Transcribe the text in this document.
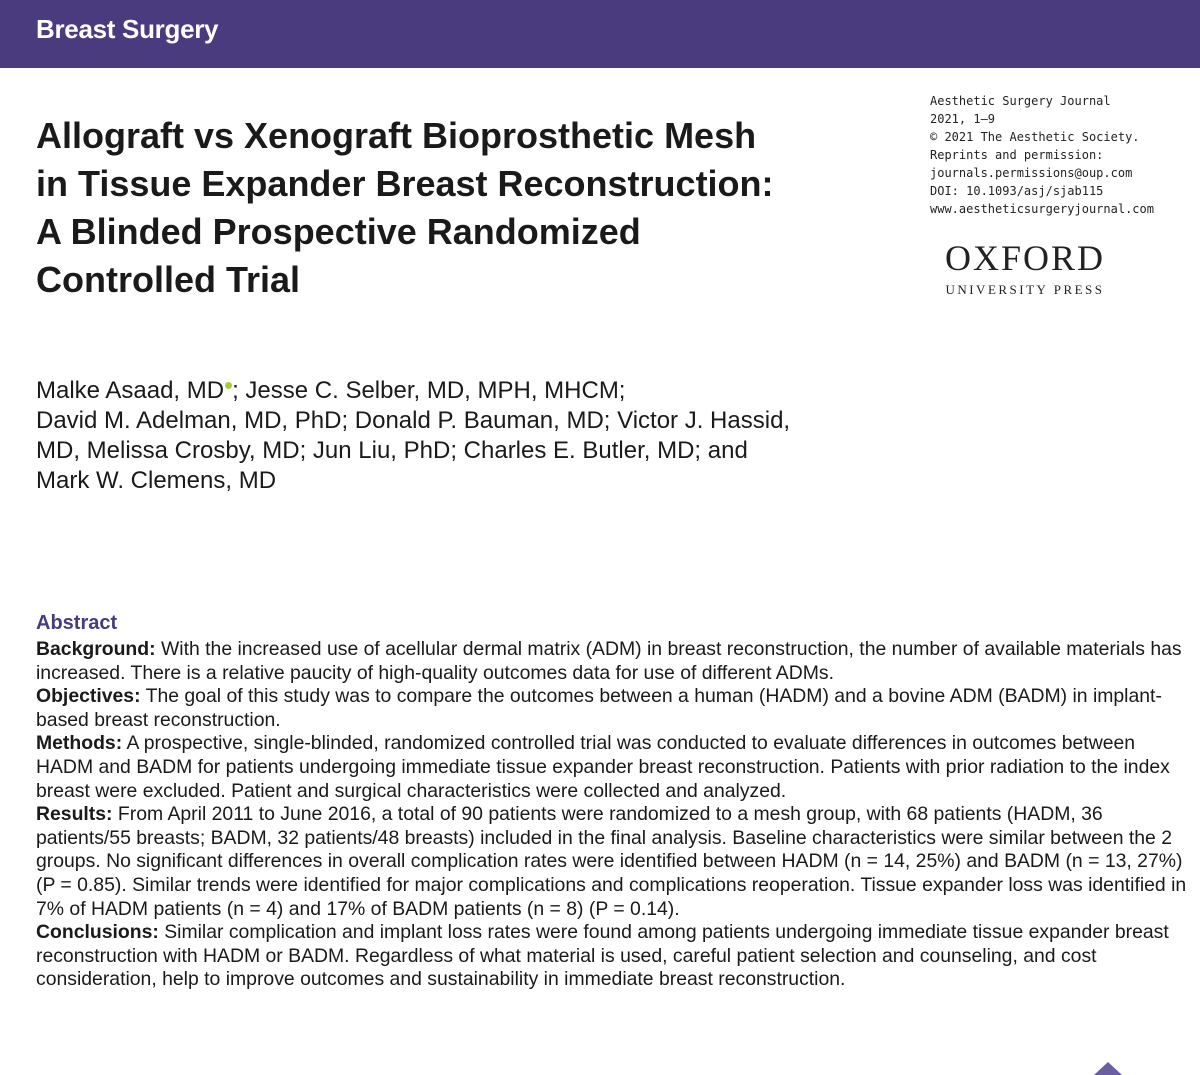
Breast Surgery
Allograft vs Xenograft Bioprosthetic Mesh
in Tissue Expander Breast Reconstruction:
A Blinded Prospective Randomized
Controlled Trial
Aesthetic Surgery Journal
2021, 1–9
© 2021 The Aesthetic Society.
Reprints and permission:
journals.permissions@oup.com
DOI: 10.1093/asj/sjab115
www.aestheticsurgeryjournal.com
OXFORD
UNIVERSITY PRESS
Malke Asaad, MD ; Jesse C. Selber, MD, MPH, MHCM;
David M. Adelman, MD, PhD; Donald P. Bauman, MD; Victor J. Hassid,
MD, Melissa Crosby, MD; Jun Liu, PhD; Charles E. Butler, MD; and
Mark W. Clemens, MD
Abstract

Background: With the increased use of acellular dermal matrix (ADM) in breast reconstruction, the number of available materials has increased. There is a relative paucity of high-quality outcomes data for use of different ADMs.

Objectives: The goal of this study was to compare the outcomes between a human (HADM) and a bovine ADM (BADM) in implant-based breast reconstruction.

Methods: A prospective, single-blinded, randomized controlled trial was conducted to evaluate differences in outcomes between HADM and BADM for patients undergoing immediate tissue expander breast reconstruction. Patients with prior radiation to the index breast were excluded. Patient and surgical characteristics were collected and analyzed.

Results: From April 2011 to June 2016, a total of 90 patients were randomized to a mesh group, with 68 patients (HADM, 36 patients/55 breasts; BADM, 32 patients/48 breasts) included in the final analysis. Baseline characteristics were similar between the 2 groups. No significant differences in overall complication rates were identified between HADM (n = 14, 25%) and BADM (n = 13, 27%) (P = 0.85). Similar trends were identified for major complications and complications reoperation. Tissue expander loss was identified in 7% of HADM patients (n = 4) and 17% of BADM patients (n = 8) (P = 0.14).

Conclusions: Similar complication and implant loss rates were found among patients undergoing immediate tissue expander breast reconstruction with HADM or BADM. Regardless of what material is used, careful patient selection and counseling, and cost consideration, help to improve outcomes and sustainability in immediate breast reconstruction.
